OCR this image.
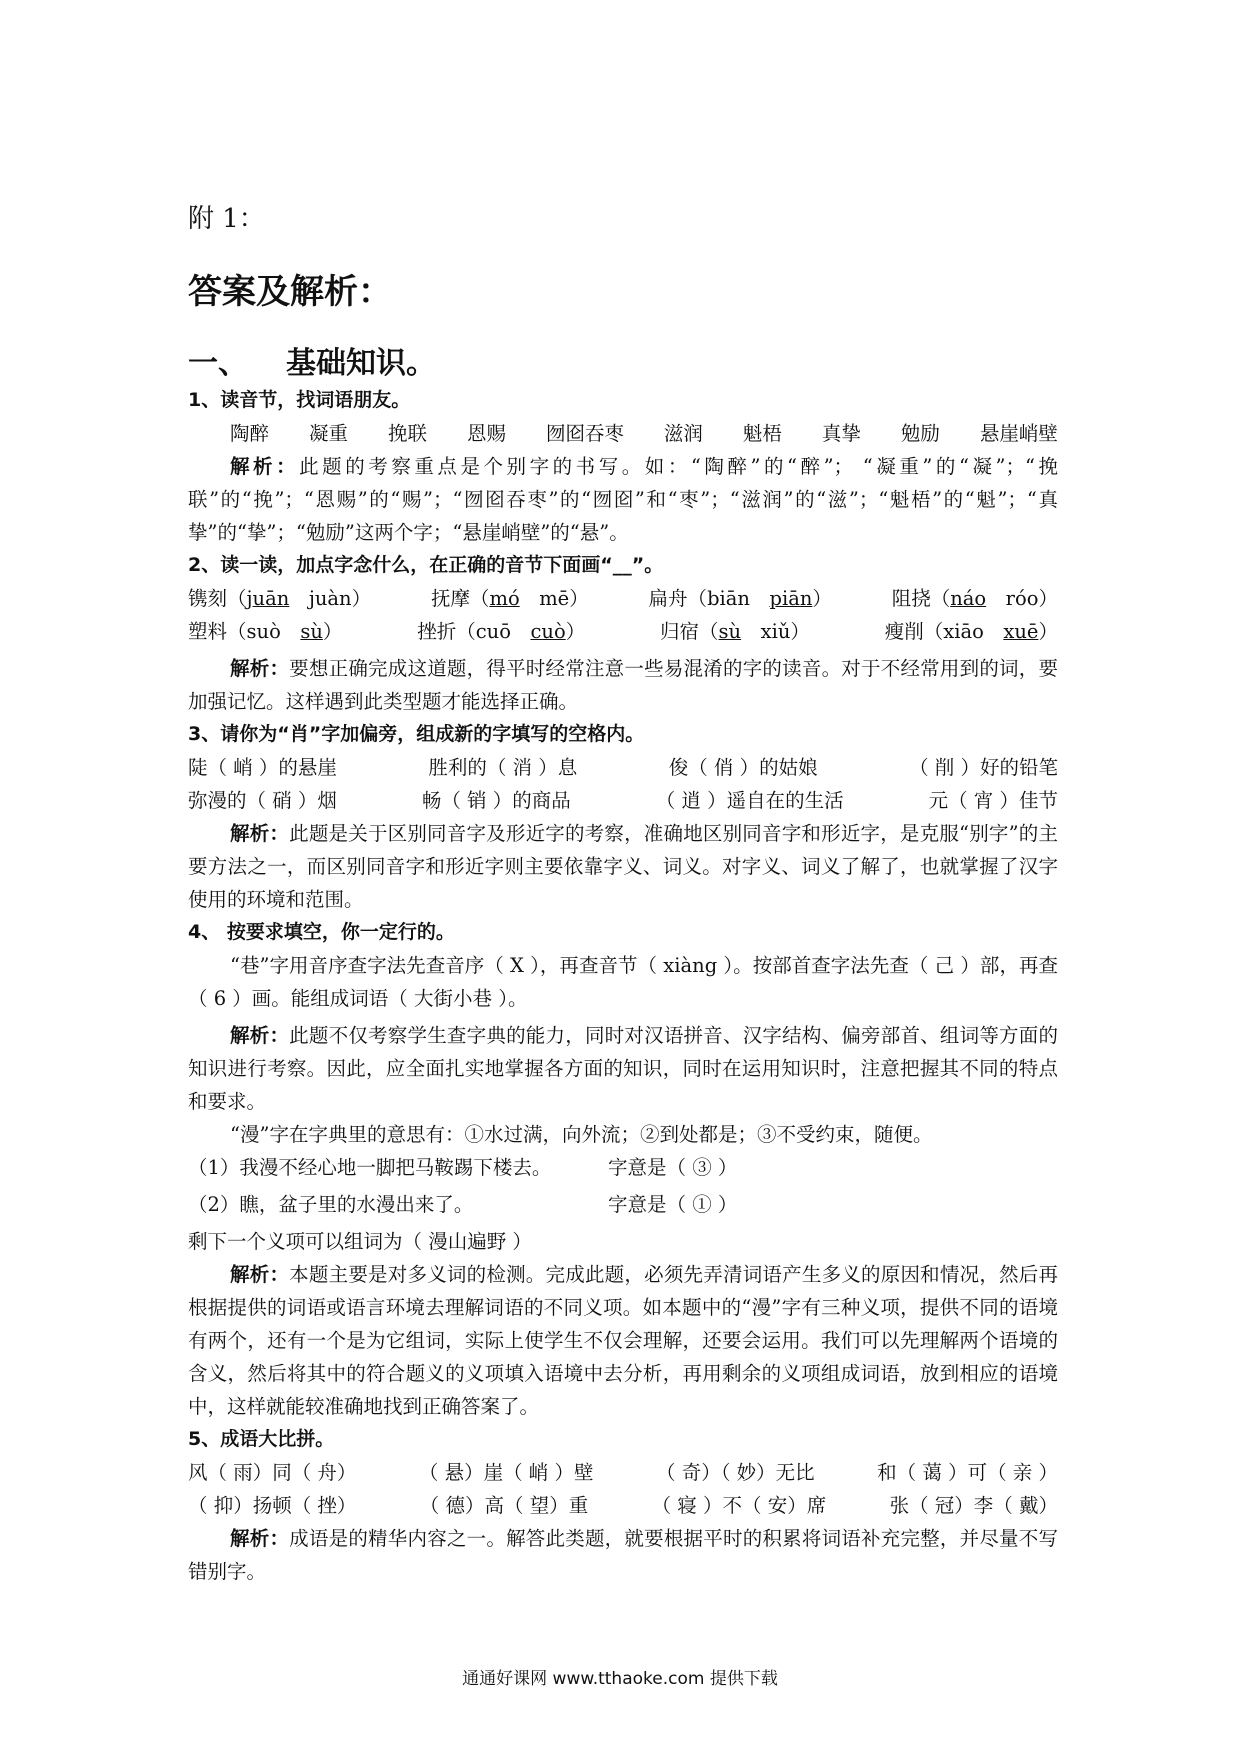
附 1：
答案及解析：
一、 基础知识。
1、读音节，找词语朋友。
陶醉 凝重 挽联 恩赐 囫囵吞枣 滋润 魁梧 真挚 勉励 悬崖峭壁
解析：此题的考察重点是个别字的书写。如：“陶醉”的“醉”； “凝重”的“凝”；“挽联”的“挽”；“恩赐”的“赐”；“囫囵吞枣”的“囫囵”和“枣”；“滋润”的“滋”；“魁梧”的“魁”；“真挚”的“挚”；“勉励”这两个字；“悬崖峭壁”的“悬”。
2、读一读，加点字念什么，在正确的音节下面画“__”。
镌刻（juān  juàn）	抚摩（mó  mē）	扁舟（biān  piān）	阻挠（náo  róo）
塑料（suò  sù）	挫折（cuō  cuò）	归宿（sù  xiǔ）	瘦削（xiāo  xuē）
解析：要想正确完成这道题，得平时经常注意一些易混淆的字的读音。对于不经常用到的词，要加强记忆。这样遇到此类型题才能选择正确。
3、请你为“肖”字加偏旁，组成新的字填写的空格内。
陡（ 峭 ）的悬崖	胜利的（ 消 ）息	俊（ 俏 ）的姑娘	（ 削 ）好的铅笔
弥漫的（ 硝 ）烟	畅（ 销 ）的商品	（ 逍 ）遥自在的生活	元（ 宵 ）佳节
解析：此题是关于区别同音字及形近字的考察，准确地区别同音字和形近字，是克服“别字”的主要方法之一，而区别同音字和形近字则主要依靠字义、词义。对字义、词义了解了，也就掌握了汉字使用的环境和范围。
4、 按要求填空，你一定行的。
“巷”字用音序查字法先查音序（ X ），再查音节（ xiàng ）。按部首查字法先查（ 己 ）部，再查（ 6 ）画。能组成词语（ 大街小巷 ）。
解析：此题不仅考察学生查字典的能力，同时对汉语拼音、汉字结构、偏旁部首、组词等方面的知识进行考察。因此，应全面扎实地掌握各方面的知识，同时在运用知识时，注意把握其不同的特点和要求。
“漫”字在字典里的意思有：①水过满，向外流；②到处都是；③不受约束，随便。
（1）我漫不经心地一脚把马鞍踢下楼去。	字意是（ ③ ）
（2）瞧，盆子里的水漫出来了。	字意是（ ① ）
剩下一个义项可以组词为（ 漫山遍野 ）
解析：本题主要是对多义词的检测。完成此题，必须先弄清词语产生多义的原因和情况，然后再根据提供的词语或语言环境去理解词语的不同义项。如本题中的“漫”字有三种义项，提供不同的语境有两个，还有一个是为它组词，实际上使学生不仅会理解，还要会运用。我们可以先理解两个语境的含义，然后将其中的符合题义的义项填入语境中去分析，再用剩余的义项组成词语，放到相应的语境中，这样就能较准确地找到正确答案了。
5、成语大比拼。
风（ 雨）同（ 舟）	（ 悬）崖（ 峭 ）壁	（ 奇）（ 妙）无比	和（ 蔼 ）可（ 亲 ）
（ 抑）扬顿（ 挫）	（ 德）高（ 望）重	（ 寝 ）不（ 安）席	张（ 冠）李（ 戴）
解析：成语是的精华内容之一。解答此类题，就要根据平时的积累将词语补充完整，并尽量不写错别字。
通通好课网 www.tthaoke.com 提供下载
